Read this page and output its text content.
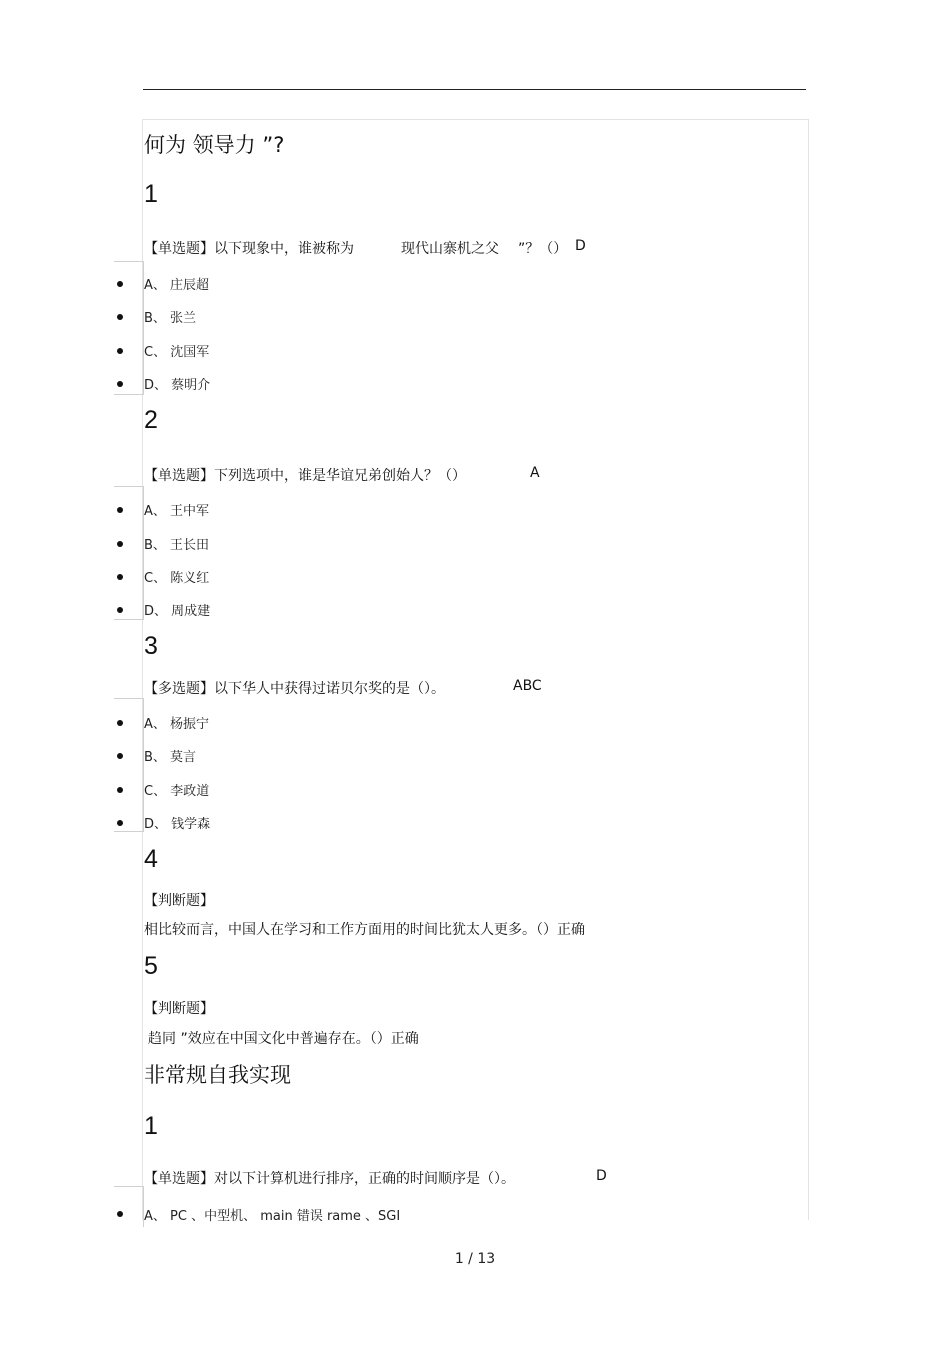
何为 领导力 ”?
1
【单选题】以下现象中，谁被称为	现代山寨机之父 ”？（） D
A、 庄辰超
B、 张兰
C、 沈国军
D、 蔡明介
2
【单选题】下列选项中，谁是华谊兄弟创始人？（）	A
A、 王中军
B、 王长田
C、 陈义红
D、 周成建
3
【多选题】以下华人中获得过诺贝尔奖的是（）。	ABC
A、 杨振宁
B、 莫言
C、 李政道
D、 钱学森
4
【判断题】
相比较而言，中国人在学习和工作方面用的时间比犹太人更多。（）正确
5
【判断题】
趋同 ”效应在中国文化中普遍存在。（）正确
非常规自我实现
1
【单选题】对以下计算机进行排序，正确的时间顺序是（）。	D
A、 PC 、中型机、 main 错误 rame 、SGI
1 / 13
